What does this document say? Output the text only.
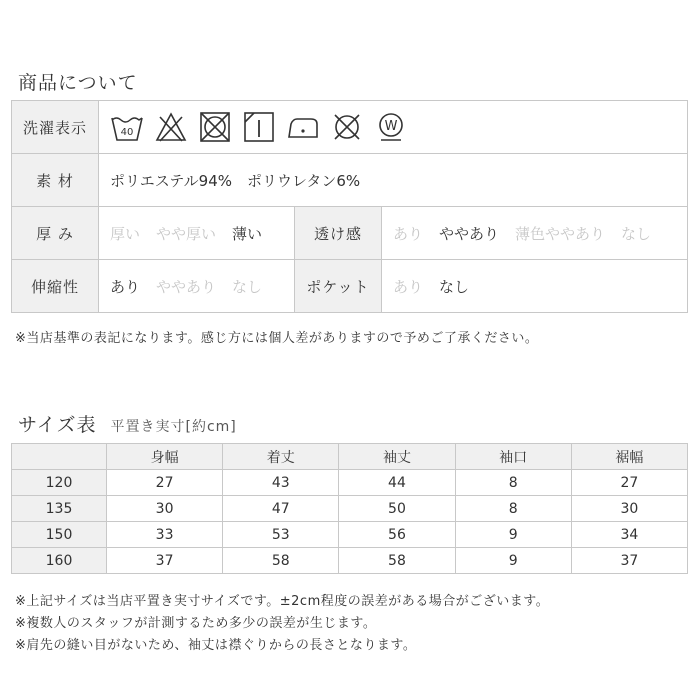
商品について
洗濯表示	40 W		

素 材	ポリエステル94%　ポリウレタン6%		
厚 み	厚い やや厚い 薄い	透け感	あり ややあり 薄色ややあり なし
伸縮性	あり ややあり なし	ポケット	あり なし
※当店基準の表記になります。感じ方には個人差がありますので予めご了承ください。
サイズ表 平置き実寸[約cm]
	身幅	着丈	袖丈	袖口	裾幅
120	27	43	44	8	27
135	30	47	50	8	30
150	33	53	56	9	34
160	37	58	58	9	37
※上記サイズは当店平置き実寸サイズです。±2cm程度の誤差がある場合がございます。
※複数人のスタッフが計測するため多少の誤差が生じます。
※肩先の縫い目がないため、袖丈は襟ぐりからの長さとなります。
